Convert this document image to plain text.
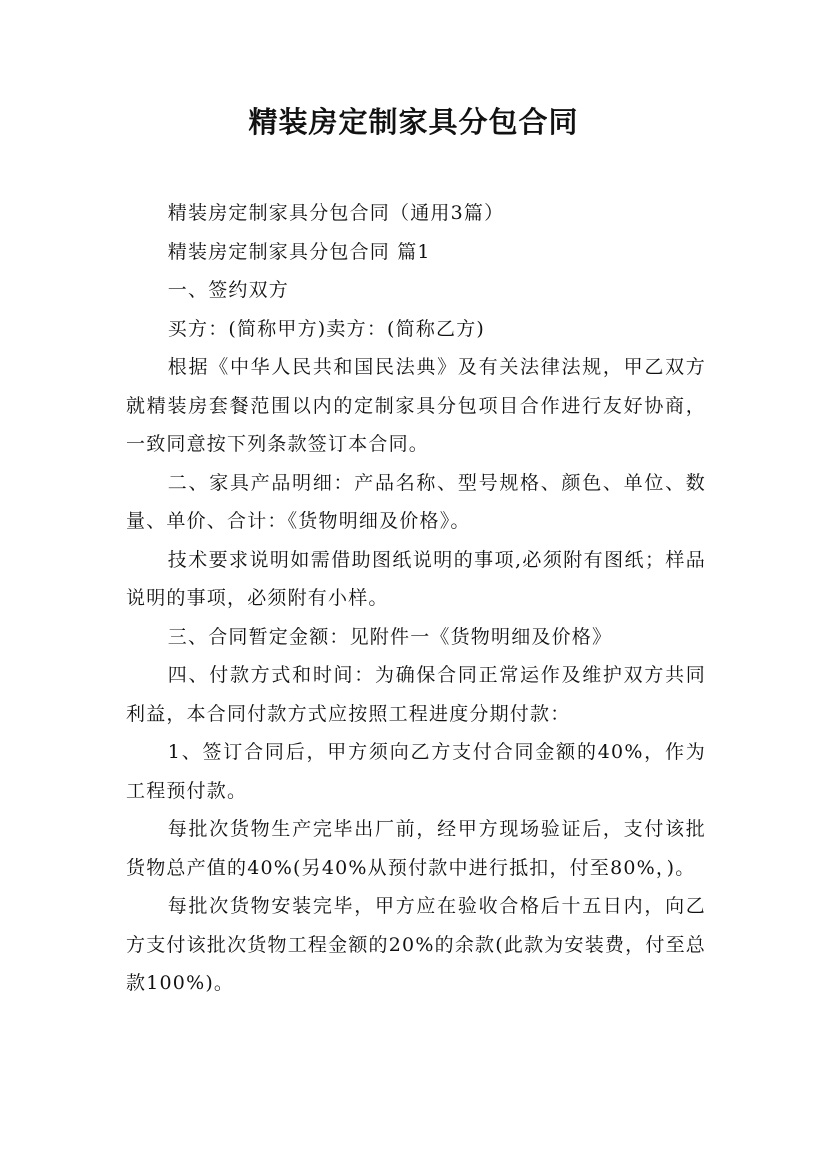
精装房定制家具分包合同

精装房定制家具分包合同（通用3篇）

精装房定制家具分包合同 篇1

一、签约双方

买方：(简称甲方)卖方：(简称乙方)

根据《中华人民共和国民法典》及有关法律法规，甲乙双方就精装房套餐范围以内的定制家具分包项目合作进行友好协商，一致同意按下列条款签订本合同。

二、家具产品明细：产品名称、型号规格、颜色、单位、数量、单价、合计：《货物明细及价格》。

技术要求说明如需借助图纸说明的事项,必须附有图纸；样品说明的事项，必须附有小样。

三、合同暂定金额：见附件一《货物明细及价格》

四、付款方式和时间：为确保合同正常运作及维护双方共同利益，本合同付款方式应按照工程进度分期付款：

1、签订合同后，甲方须向乙方支付合同金额的40%，作为工程预付款。

每批次货物生产完毕出厂前，经甲方现场验证后，支付该批货物总产值的40%(另40%从预付款中进行抵扣，付至80%，)。

每批次货物安装完毕，甲方应在验收合格后十五日内，向乙方支付该批次货物工程金额的20%的余款(此款为安装费，付至总款100%)。
